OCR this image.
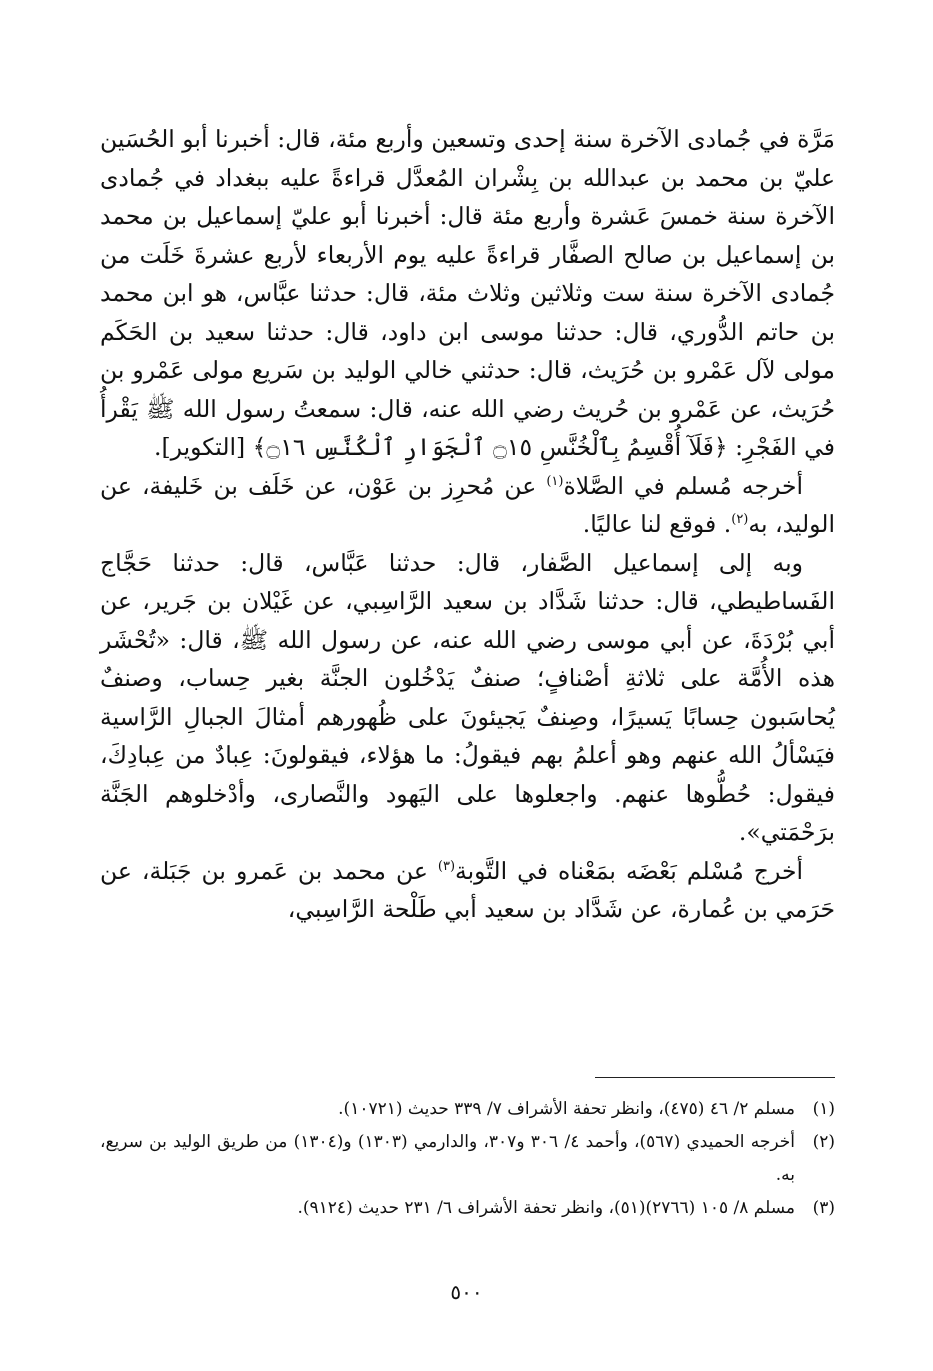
مَرَّة في جُمادى الآخرة سنة إحدى وتسعين وأربع مئة، قال: أخبرنا أبو الحُسَين عليّ بن محمد بن عبدالله بن بِشْران المُعدَّل قراءةً عليه ببغداد في جُمادى الآخرة سنة خمسَ عَشرة وأربع مئة قال: أخبرنا أبو عليّ إسماعيل بن محمد بن إسماعيل بن صالح الصفَّار قراءةً عليه يوم الأربعاء لأربع عشرةَ خَلَت من جُمادى الآخرة سنة ست وثلاثين وثلاث مئة، قال: حدثنا عبَّاس، هو ابن محمد بن حاتم الدُّوري، قال: حدثنا موسى ابن داود، قال: حدثنا سعيد بن الحَكَم مولى لآل عَمْرو بن حُرَيث، قال: حدثني خالي الوليد بن سَريع مولى عَمْرو بن حُرَيث، عن عَمْرو بن حُريث رضي الله عنه، قال: سمعتُ رسول الله ﷺ يَقْرأُ في الفَجْرِ: ﴿فَلَآ أُقْسِمُ بِٱلْخُنَّسِ ۝١٥ ٱلْجَوَارِ ٱلْكُنَّسِ ۝١٦﴾ [التكوير].

أخرجه مُسلم في الصَّلاة$^{(١)}$ عن مُحرِز بن عَوْن، عن خَلَف بن خَليفة، عن الوليد، به$^{(٢)}$. فوقع لنا عاليًا.

وبه إلى إسماعيل الصَّفار، قال: حدثنا عَبَّاس، قال: حدثنا حَجَّاج الفَساطيطي، قال: حدثنا شَدَّاد بن سعيد الرَّاسِبي، عن غَيْلان بن جَرير، عن أبي بُرْدَةَ، عن أبي موسى رضي الله عنه، عن رسول الله ﷺ، قال: «تُحْشَر هذه الأُمَّة على ثلاثةِ أصْنافٍ؛ صنفٌ يَدْخُلون الجنَّة بغير حِساب، وصنفٌ يُحاسَبون حِسابًا يَسيرًا، وصِنفٌ يَجيئونَ على ظُهورهم أمثالَ الجبالِ الرَّاسية فيَسْألُ الله عنهم وهو أعلمُ بهم فيقولُ: ما هؤلاء، فيقولونَ: عِبادٌ من عِبادِكَ، فيقول: حُطُّوها عنهم. واجعلوها على اليَهود والنَّصارى، وأدْخلوهم الجَنَّة برَحْمَتي».

أخرج مُسْلم بَعْضَه بمَعْناه في التَّوبة$^{(٣)}$ عن محمد بن عَمرو بن جَبَلة، عن حَرَمي بن عُمارة، عن شَدَّاد بن سعيد أبي طَلْحة الرَّاسِبي،

(١)
مسلم ٢/ ٤٦ (٤٧٥)، وانظر تحفة الأشراف ٧/ ٣٣٩ حديث (١٠٧٢١).
(٢)
أخرجه الحميدي (٥٦٧)، وأحمد ٤/ ٣٠٦ و٣٠٧، والدارمي (١٣٠٣) و(١٣٠٤) من طريق الوليد بن سريع، به.
(٣)
مسلم ٨/ ١٠٥ (٢٧٦٦)(٥١)، وانظر تحفة الأشراف ٦/ ٢٣١ حديث (٩١٢٤).
٥٠٠
